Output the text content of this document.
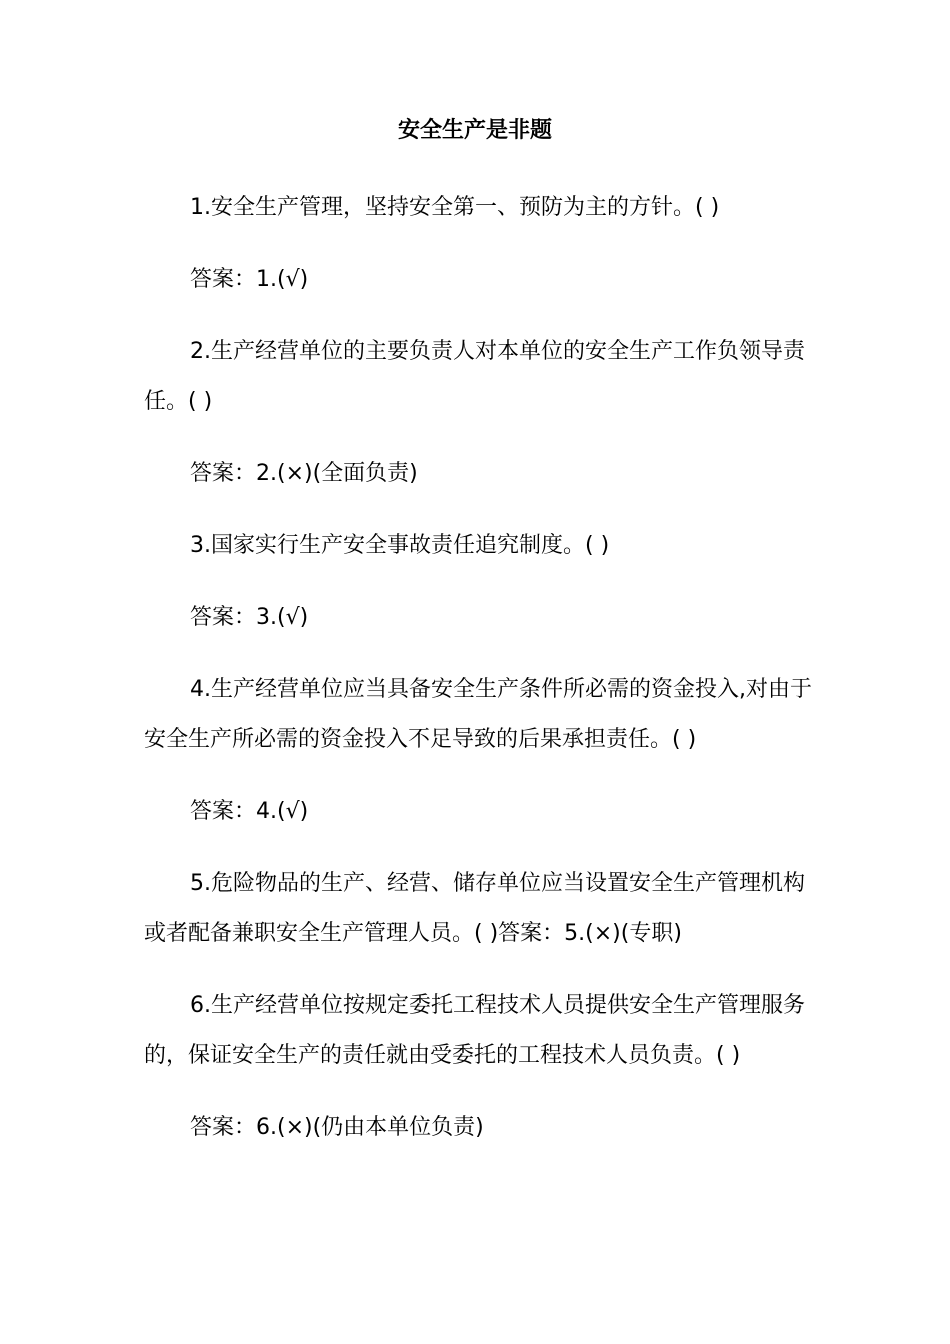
安全生产是非题

1.安全生产管理，坚持安全第一、预防为主的方针。( )

答案：1.(√)

2.生产经营单位的主要负责人对本单位的安全生产工作负领导责任。( )

答案：2.(×)(全面负责)

3.国家实行生产安全事故责任追究制度。( )

答案：3.(√)

4.生产经营单位应当具备安全生产条件所必需的资金投入,对由于安全生产所必需的资金投入不足导致的后果承担责任。( )

答案：4.(√)

5.危险物品的生产、经营、储存单位应当设置安全生产管理机构或者配备兼职安全生产管理人员。( )答案：5.(×)(专职)

6.生产经营单位按规定委托工程技术人员提供安全生产管理服务的，保证安全生产的责任就由受委托的工程技术人员负责。( )

答案：6.(×)(仍由本单位负责)
